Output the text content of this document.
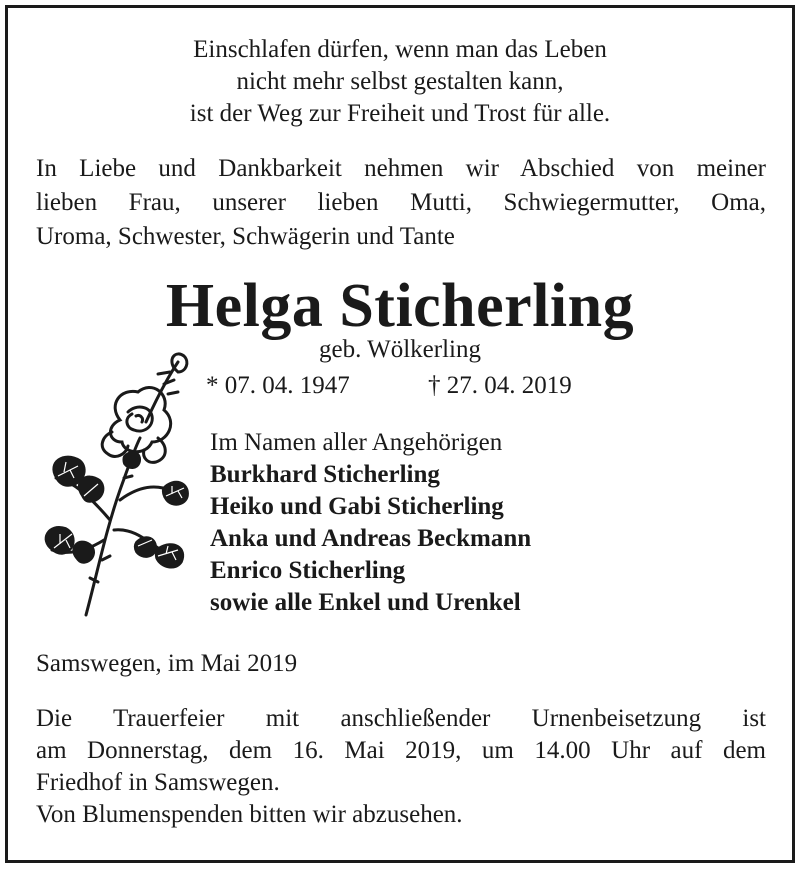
Einschlafen dürfen, wenn man das Leben
nicht mehr selbst gestalten kann,
ist der Weg zur Freiheit und Trost für alle.
In Liebe und Dankbarkeit nehmen wir Abschied von meiner
lieben Frau, unserer lieben Mutti, Schwiegermutter, Oma,
Uroma, Schwester, Schwägerin und Tante
Helga Sticherling
geb. Wölkerling
* 07. 04. 1947	† 27. 04. 2019
Im Namen aller Angehörigen
Burkhard Sticherling
Heiko und Gabi Sticherling
Anka und Andreas Beckmann
Enrico Sticherling
sowie alle Enkel und Urenkel
Samswegen, im Mai 2019
Die Trauerfeier mit anschließender Urnenbeisetzung ist
am Donnerstag, dem 16. Mai 2019, um 14.00 Uhr auf dem
Friedhof in Samswegen.
Von Blumenspenden bitten wir abzusehen.
